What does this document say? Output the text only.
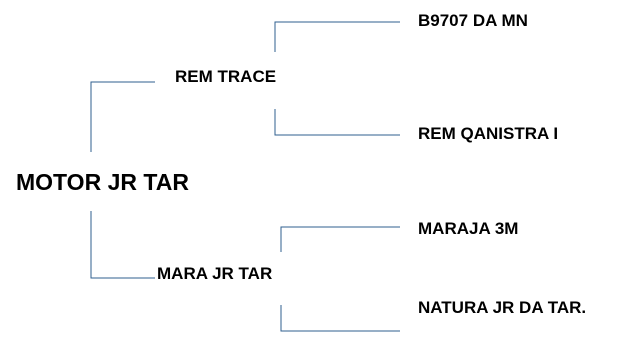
MOTOR JR TAR
REM TRACE
B9707 DA MN
REM QANISTRA I
MARA JR TAR
MARAJA 3M
NATURA JR DA TAR.
